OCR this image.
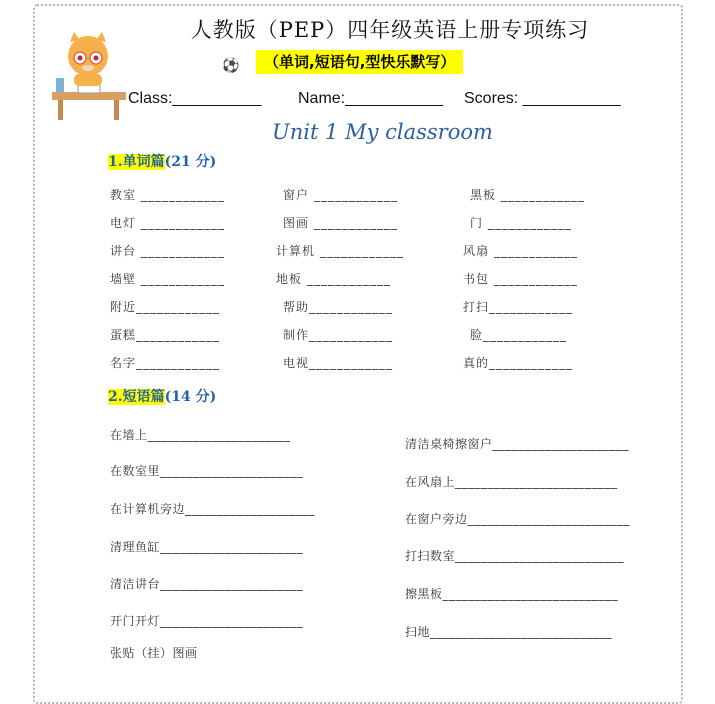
人教版（PEP）四年级英语上册专项练习
⚽	（单词,短语句,型快乐默写）
Class:__________ Name:___________ Scores: ___________
Unit 1 My classroom
1.单词篇(21 分)
教室 ____________	窗户 ____________	黑板 ____________
电灯 ____________	图画 ____________	门 ____________
讲台 ____________	计算机 ____________	风扇 ____________
墙壁 ____________	地板 ____________	书包 ____________
附近____________	帮助____________	打扫____________
蛋糕____________	制作____________	脸____________
名字____________	电视____________	真的____________
2.短语篇(14 分)
在墙上______________________
在数室里______________________
在计算机旁边____________________
清理鱼缸______________________
清洁讲台______________________
开门开灯______________________
张贴（挂）图画
清洁桌椅擦窗户_____________________
在风扇上_________________________
在窗户旁边_________________________
打扫数室__________________________
擦黑板___________________________
扫地____________________________
